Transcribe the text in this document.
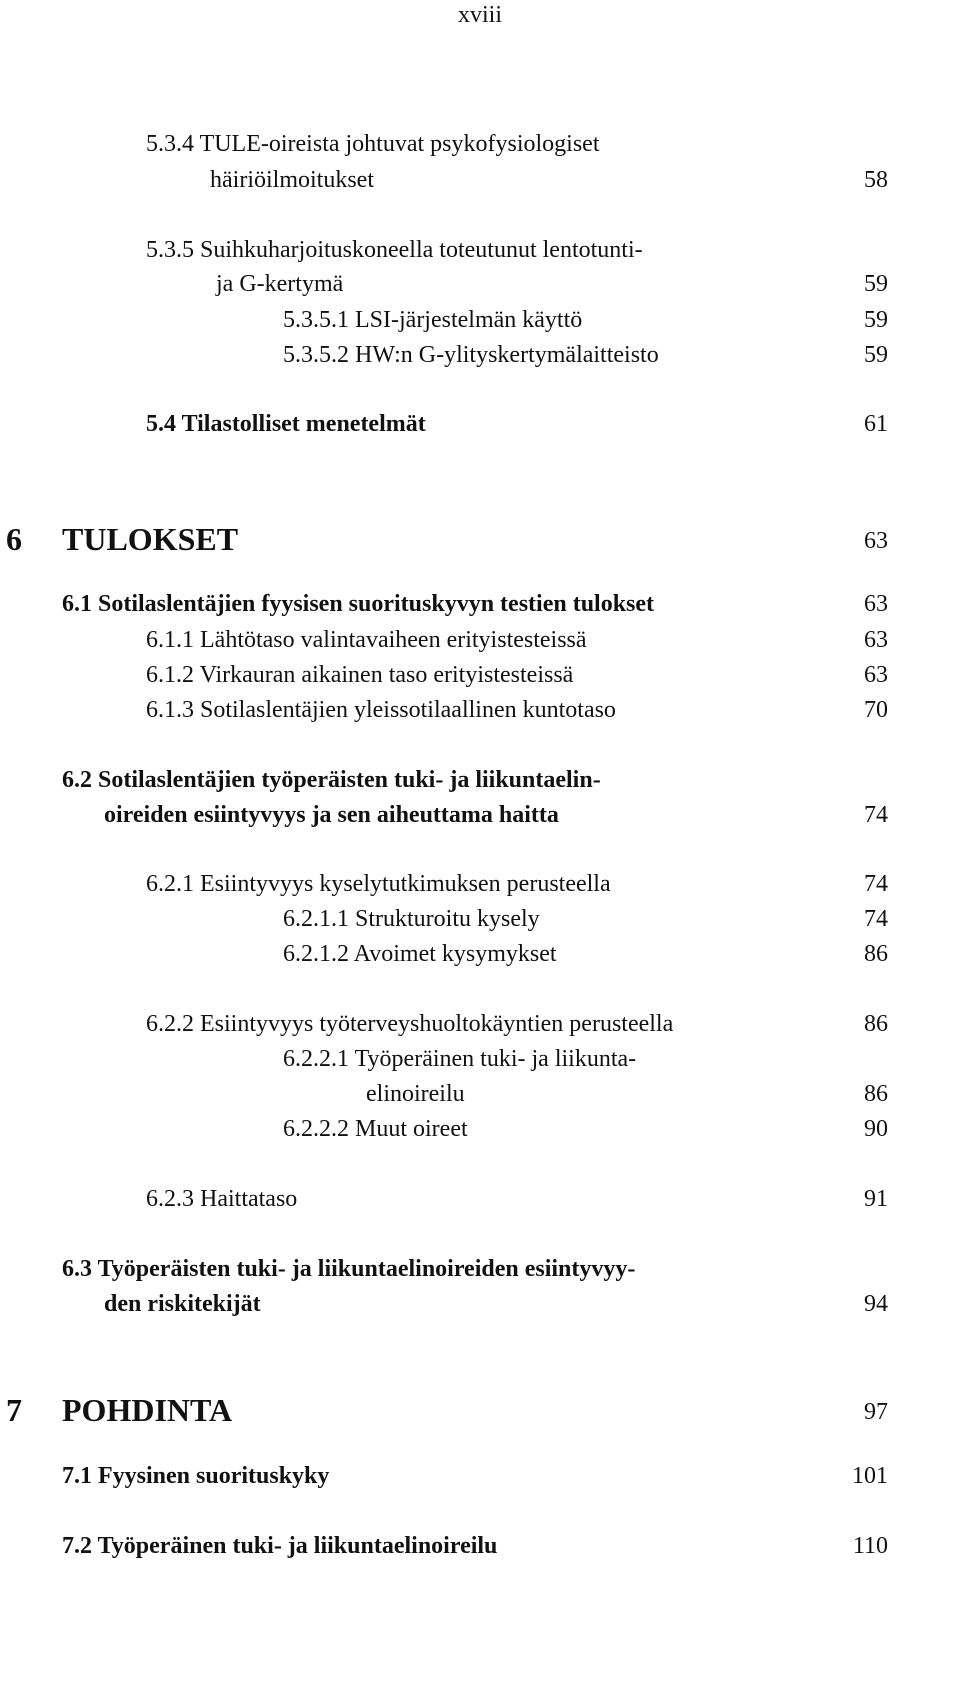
xviii
5.3.4 TULE-oireista johtuvat psykofysiologiset
häiriöilmoitukset	58
5.3.5 Suihkuharjoituskoneella toteutunut lentotunti-
ja G-kertymä	59
5.3.5.1 LSI-järjestelmän käyttö	59
5.3.5.2 HW:n G-ylityskertymälaitteisto	59
5.4 Tilastolliset menetelmät	61
6 TULOKSET	63
6.1 Sotilaslentäjien fyysisen suorituskyvyn testien tulokset	63
6.1.1 Lähtötaso valintavaiheen erityistesteissä	63
6.1.2 Virkauran aikainen taso erityistesteissä	63
6.1.3 Sotilaslentäjien yleissotilaallinen kuntotaso	70
6.2 Sotilaslentäjien työperäisten tuki- ja liikuntaelin-
oireiden esiintyvyys ja sen aiheuttama haitta	74
6.2.1 Esiintyvyys kyselytutkimuksen perusteella	74
6.2.1.1 Strukturoitu kysely	74
6.2.1.2 Avoimet kysymykset	86
6.2.2 Esiintyvyys työterveyshuoltokäyntien perusteella	86
6.2.2.1 Työperäinen tuki- ja liikunta-
elinoireilu	86
6.2.2.2 Muut oireet	90
6.2.3 Haittataso	91
6.3 Työperäisten tuki- ja liikuntaelinoireiden esiintyvyy-
den riskitekijät	94
7 POHDINTA	97
7.1 Fyysinen suorituskyky	101
7.2 Työperäinen tuki- ja liikuntaelinoireilu	110
